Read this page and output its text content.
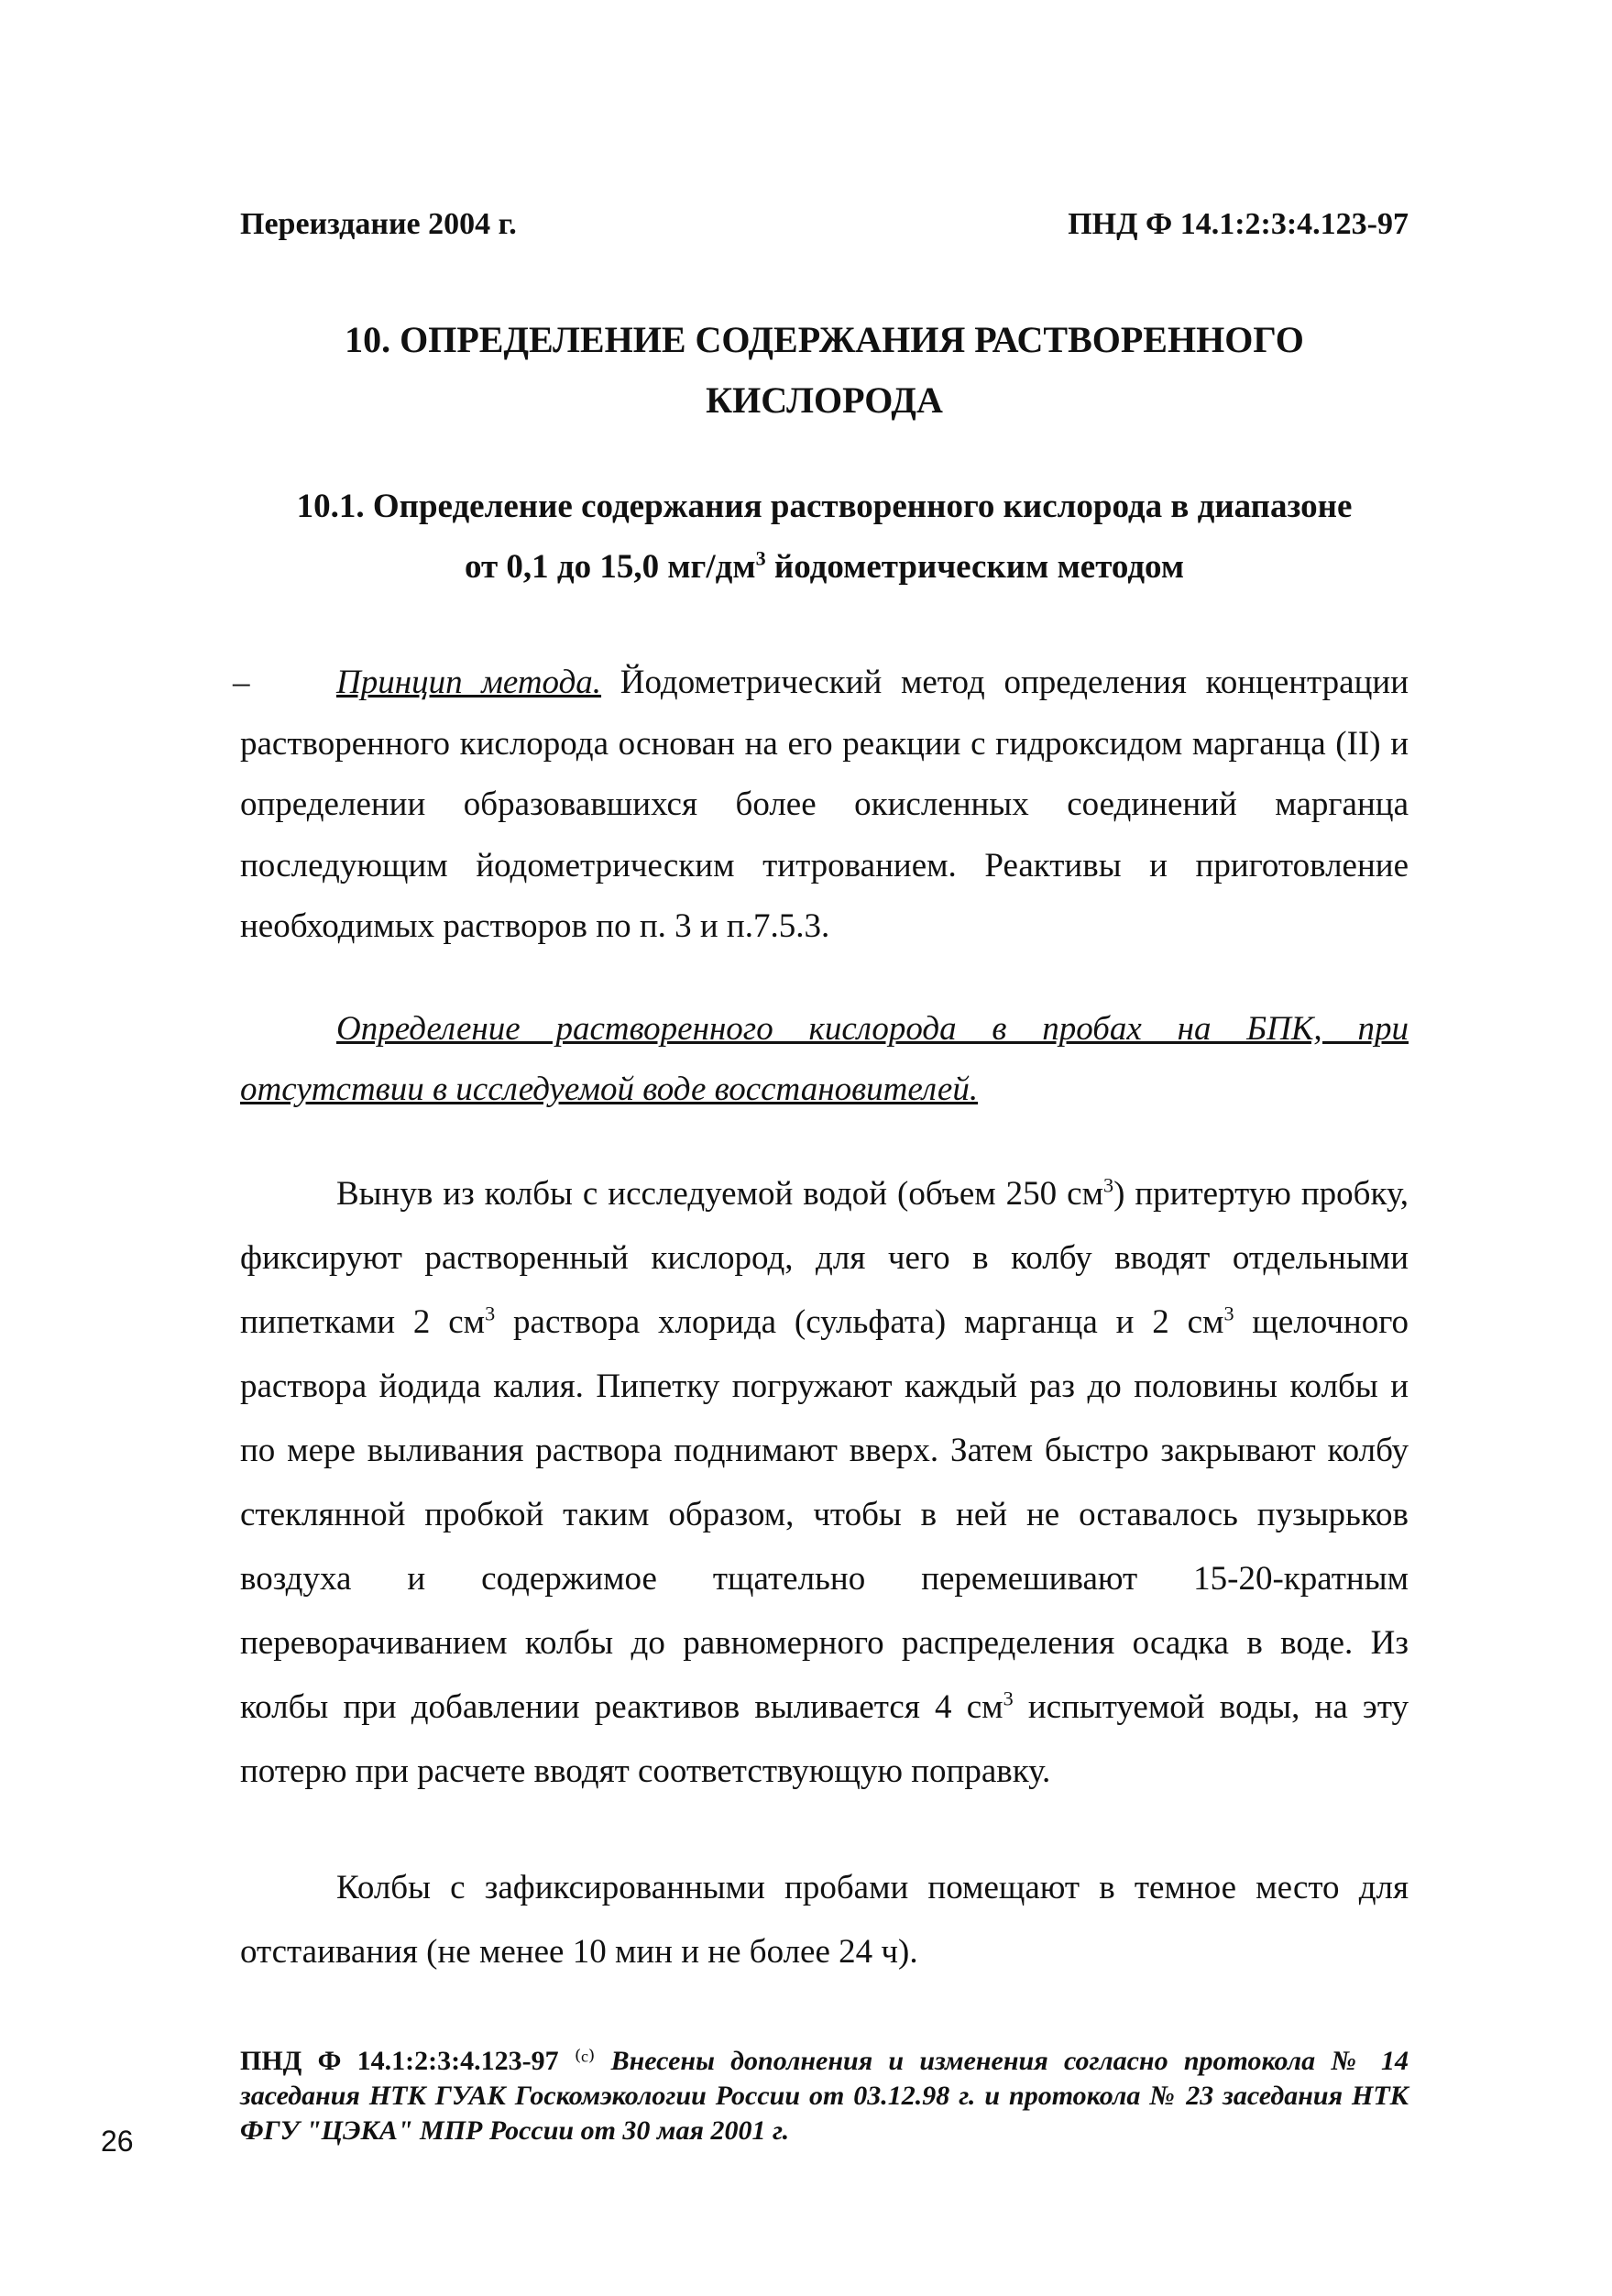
Переиздание 2004 г.	ПНД Ф 14.1:2:3:4.123-97
10. ОПРЕДЕЛЕНИЕ СОДЕРЖАНИЯ РАСТВОРЕННОГО
КИСЛОРОДА
10.1. Определение содержания растворенного кислорода в диапазоне
от 0,1 до 15,0 $мг/дм^3$ йодометрическим методом
–	Принцип метода. Йодометрический метод определения концентрации растворенного кислорода основан на его реакции с гидроксидом марганца (II) и определении образовавшихся более окисленных соединений марганца последующим йодометрическим титрованием. Реактивы и приготовление необходимых растворов по п. 3 и п.7.5.3.
Определение растворенного кислорода в пробах на БПК, при отсутствии в исследуемой воде восстановителей.
Вынув из колбы с исследуемой водой (объем 250 $см^3$) притертую пробку, фиксируют растворенный кислород, для чего в колбу вводят отдельными пипетками 2 $см^3$ раствора хлорида (сульфата) марганца и 2 $см^3$ щелочного раствора йодида калия. Пипетку погружают каждый раз до половины колбы и по мере выливания раствора поднимают вверх. Затем быстро закрывают колбу стеклянной пробкой таким образом, чтобы в ней не оставалось пузырьков воздуха и содержимое тщательно перемешивают 15-20-кратным переворачиванием колбы до равномерного распределения осадка в воде. Из колбы при добавлении реактивов выливается 4 $см^3$ испытуемой воды, на эту потерю при расчете вводят соответствующую поправку.
Колбы с зафиксированными пробами помещают в темное место для отстаивания (не менее 10 мин и не более 24 ч).
ПНД Ф 14.1:2:3:4.123-97 ⁽ᶜ⁾ Внесены дополнения и изменения согласно протокола № 14 заседания НТК ГУАК Госкомэкологии России от 03.12.98 г. и протокола № 23 заседания НТК ФГУ "ЦЭКА" МПР России от 30 мая 2001 г.
26
